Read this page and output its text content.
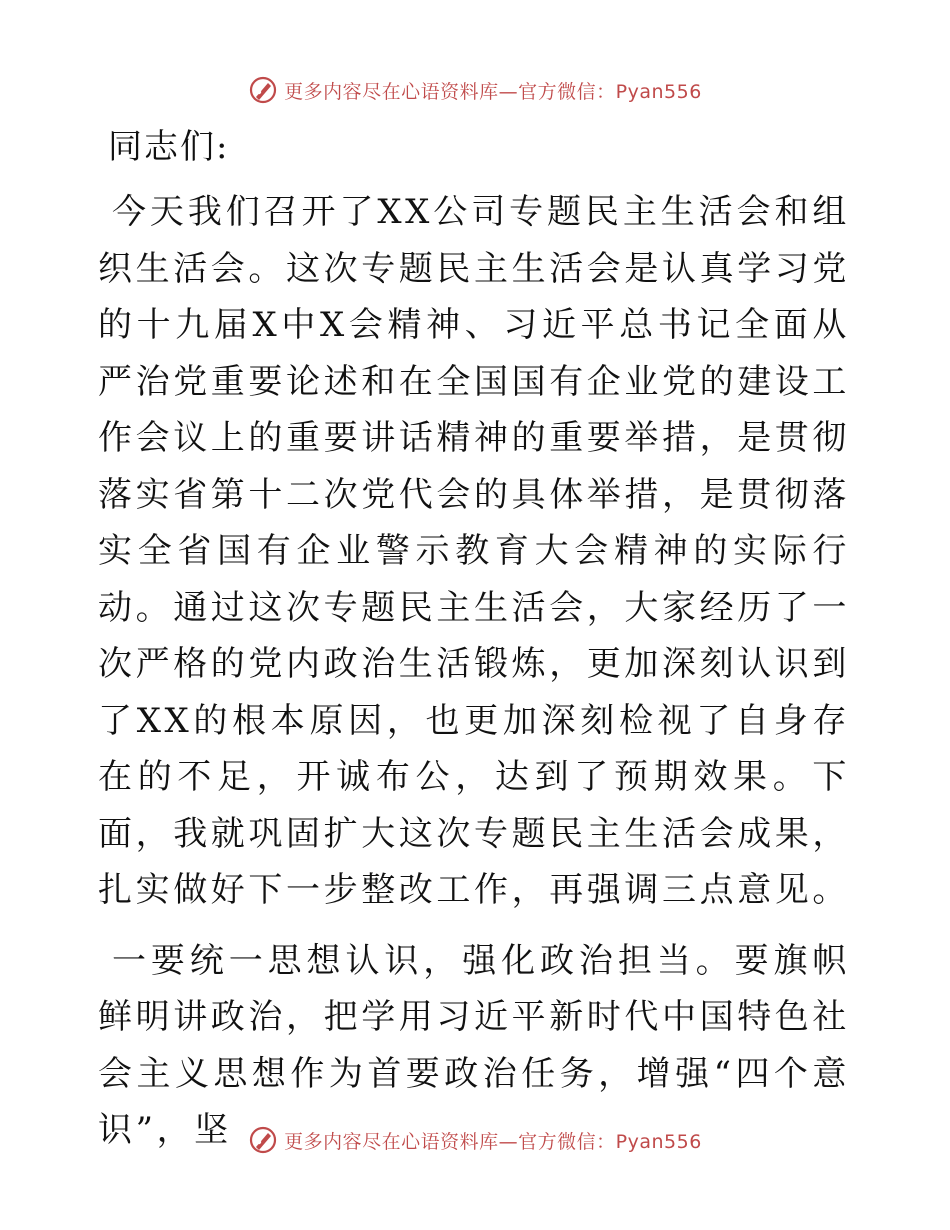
更多内容尽在心语资料库—官方微信：Pyan556

同志们:

今天我们召开了XX公司专题民主生活会和组织生活会。这次专题民主生活会是认真学习党的十九届X中X会精神、习近平总书记全面从严治党重要论述和在全国国有企业党的建设工作会议上的重要讲话精神的重要举措，是贯彻落实省第十二次党代会的具体举措，是贯彻落实全省国有企业警示教育大会精神的实际行动。通过这次专题民主生活会，大家经历了一次严格的党内政治生活锻炼，更加深刻认识到了XX的根本原因，也更加深刻检视了自身存在的不足，开诚布公，达到了预期效果。下面，我就巩固扩大这次专题民主生活会成果，扎实做好下一步整改工作，再强调三点意见。

一要统一思想认识，强化政治担当。要旗帜鲜明讲政治，把学用习近平新时代中国特色社会主义思想作为首要政治任务，增强“四个意识”，坚	更多内容尽在心语资料库—官方微信：Pyan556
